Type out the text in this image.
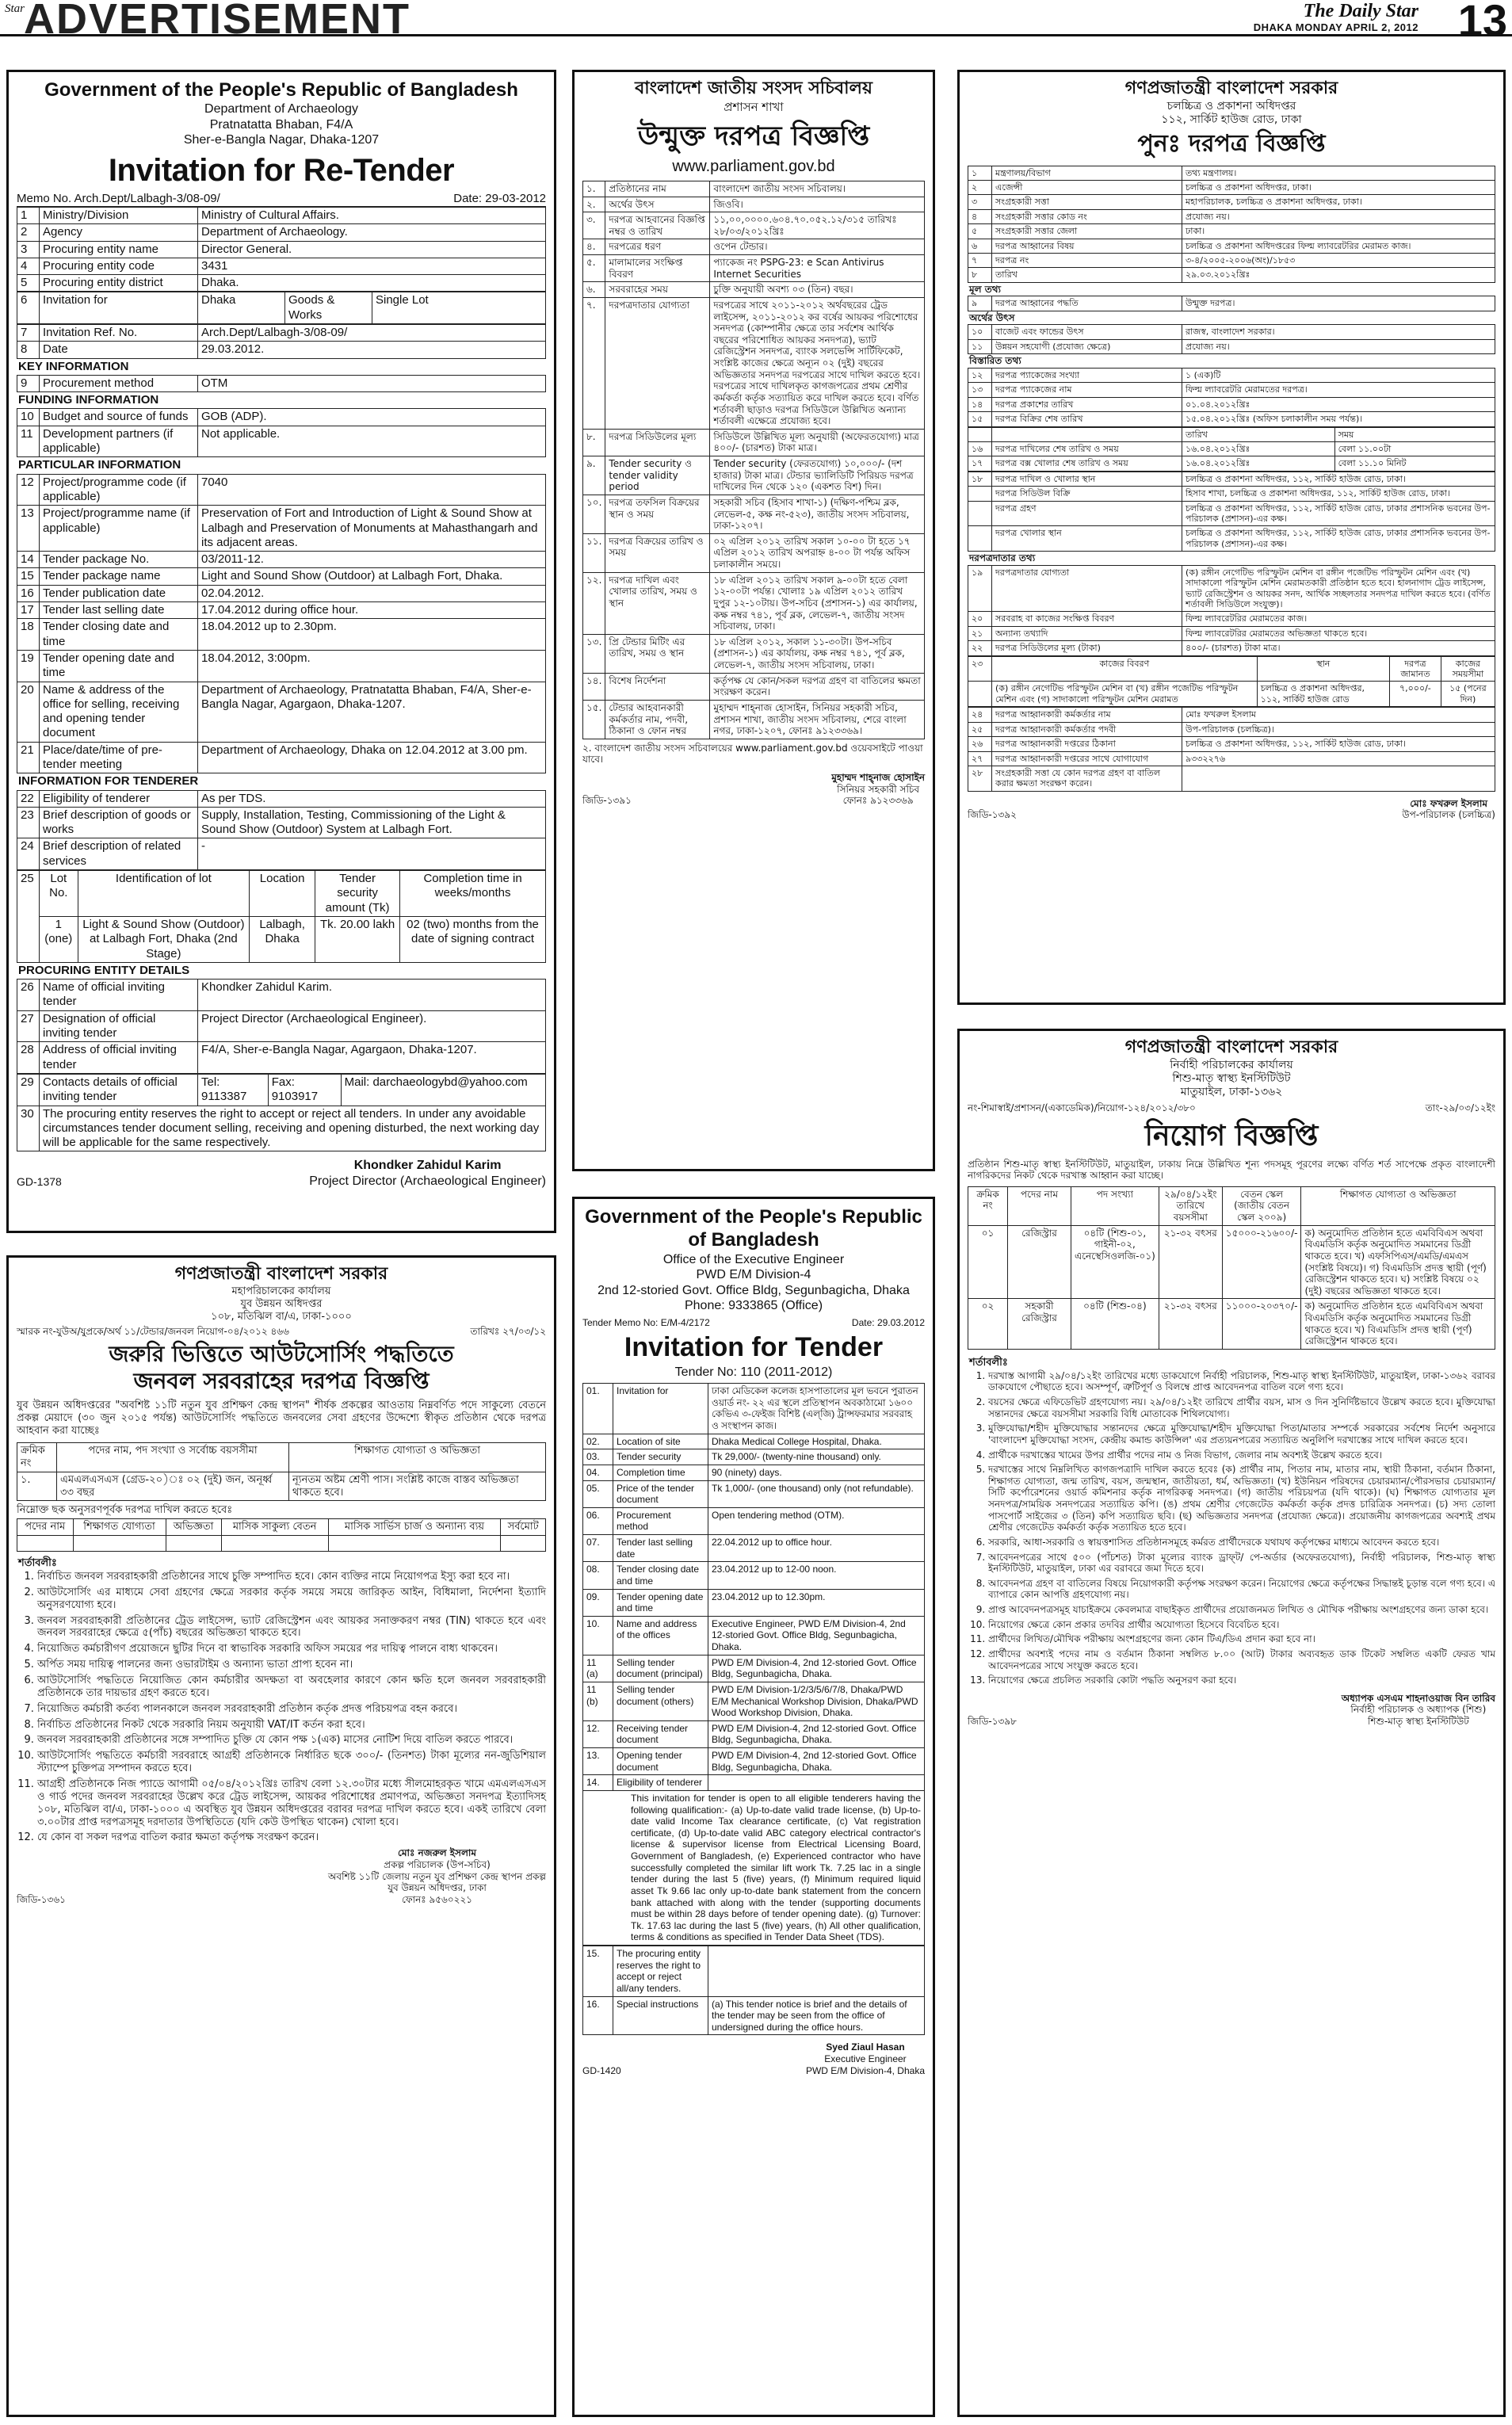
Star
ADVERTISEMENT	The Daily Star
DHAKA MONDAY APRIL 2, 2012 13
Government of the People's Republic of Bangladesh
Department of Archaeology
Pratnatatta Bhaban, F4/A
Sher-e-Bangla Nagar, Dhaka-1207
Invitation for Re-Tender
Memo No. Arch.Dept/Lalbagh-3/08-09/	Date: 29-03-2012
1	Ministry/Division	Ministry of Cultural Affairs.
2	Agency	Department of Archaeology.
3	Procuring entity name	Director General.
4	Procuring entity code	3431
5	Procuring entity district	Dhaka.
6	Invitation for	Dhaka	Goods & Works	Single Lot
7	Invitation Ref. No.	Arch.Dept/Lalbagh-3/08-09/
8	Date	29.03.2012.
KEY INFORMATION
9	Procurement method	OTM
FUNDING INFORMATION
10	Budget and source of funds	GOB (ADP).
11	Development partners (if applicable)	Not applicable.
PARTICULAR INFORMATION
12	Project/programme code (if applicable)	7040
13	Project/programme name (if applicable)	Preservation of Fort and Introduction of Light & Sound Show at Lalbagh and Preservation of Monuments at Mahasthangarh and its adjacent areas.
14	Tender package No.	03/2011-12.
15	Tender package name	Light and Sound Show (Outdoor) at Lalbagh Fort, Dhaka.
16	Tender publication date	02.04.2012.
17	Tender last selling date	17.04.2012 during office hour.
18	Tender closing date and time	18.04.2012 up to 2.30pm.
19	Tender opening date and time	18.04.2012, 3:00pm.
20	Name & address of the office for selling, receiving and opening tender document	Department of Archaeology, Pratnatatta Bhaban, F4/A, Sher-e-Bangla Nagar, Agargaon, Dhaka-1207.
21	Place/date/time of pre-tender meeting	Department of Archaeology, Dhaka on 12.04.2012 at 3.00 pm.
INFORMATION FOR TENDERER
22	Eligibility of tenderer	As per TDS.
23	Brief description of goods or works	Supply, Installation, Testing, Commissioning of the Light & Sound Show (Outdoor) System at Lalbagh Fort.
24	Brief description of related services	-
25	Lot No.	Identification of lot	Location	Tender security amount (Tk)	Completion time in weeks/months
	1 (one)	Light & Sound Show (Outdoor) at Lalbagh Fort, Dhaka (2nd Stage)	Lalbagh, Dhaka	Tk. 20.00 lakh	02 (two) months from the date of signing contract
PROCURING ENTITY DETAILS
26	Name of official inviting tender	Khondker Zahidul Karim.
27	Designation of official inviting tender	Project Director (Archaeological Engineer).
28	Address of official inviting tender	F4/A, Sher-e-Bangla Nagar, Agargaon, Dhaka-1207.
29	Contacts details of official inviting tender	Tel: 9113387	Fax: 9103917	Mail: darchaeologybd@yahoo.com
30	The procuring entity reserves the right to accept or reject all tenders. In under any avoidable circumstances tender document selling, receiving and opening disturbed, the next working day will be applicable for the same respectively.			
GD-1378
Khondker Zahidul Karim
Project Director (Archaeological Engineer)
বাংলাদেশ জাতীয় সংসদ সচিবালয়
প্রশাসন শাখা
উন্মুক্ত দরপত্র বিজ্ঞপ্তি
www.parliament.gov.bd
১.	প্রতিষ্ঠানের নাম	বাংলাদেশ জাতীয় সংসদ সচিবালয়।
২.	অর্থের উৎস	জিওবি।
৩.	দরপত্র আহবানের বিজ্ঞপ্তি নম্বর ও তারিখ	১১,০০,০০০০.৬০৪.৭০.০৫২.১২/৩১৫ তারিখঃ ২৮/০৩/২০১২খ্রিঃ
৪.	দরপত্রের ধরণ	ওপেন টেন্ডার।
৫.	মালামালের সংক্ষিপ্ত বিবরণ	প্যাকেজ নং PSPG-23: e Scan Antivirus Internet Securities
৬.	সরবরাহের সময়	চুক্তি অনুযায়ী অবশ্য ০৩ (তিন) বছর।
৭.	দরপত্রদাতার যোগ্যতা	দরপত্রের সাথে ২০১১-২০১২ অর্থবছরের ট্রেড লাইসেন্স, ২০১১-২০১২ কর বর্ষের আয়কর পরিশোধের সনদপত্র (কোম্পানীর ক্ষেত্রে তার সর্বশেষ আর্থিক বছরের পরিশোধিত আয়কর সনদপত্র), ভ্যাট রেজিস্ট্রেশন সনদপত্র, ব্যাংক সলভেন্সি সার্টিফিকেট, সংশ্লিষ্ট কাজের ক্ষেত্রে অন্যূন ০২ (দুই) বছরের অভিজ্ঞতার সনদপত্র দরপত্রের সাথে দাখিল করতে হবে। দরপত্রের সাথে দাখিলকৃত কাগজপত্রের প্রথম শ্রেণীর কর্মকর্তা কর্তৃক সত্যায়িত করে দাখিল করতে হবে। বর্ণিত শর্তাবলী ছাড়াও দরপত্র সিডিউলে উল্লিখিত অন্যান্য শর্তাবলী এক্ষেত্রে প্রযোজ্য হবে।
৮.	দরপত্র সিডিউলের মূল্য	সিডিউলে উল্লিখিত মূল্য অনুযায়ী (অফেরতযোগ্য) মাত্র ৪০০/- (চারশত) টাকা মাত্র।
৯.	Tender security ও tender validity period	Tender security (ফেরতযোগ্য) ১০,০০০/- (দশ হাজার) টাকা মাত্র। টেন্ডার ভ্যালিডিটি পিরিয়ড দরপত্র দাখিলের দিন থেকে ১২০ (একশত বিশ) দিন।
১০.	দরপত্র তফসিল বিক্রয়ের স্থান ও সময়	সহকারী সচিব (হিসাব শাখা-১) (দক্ষিণ-পশ্চিম ব্লক, লেভেল-৫, কক্ষ নং-৫২৩), জাতীয় সংসদ সচিবালয়, ঢাকা-১২০৭।
১১.	দরপত্র বিক্রয়ের তারিখ ও সময়	০২ এপ্রিল ২০১২ তারিখ সকাল ১০-০০ টা হতে ১৭ এপ্রিল ২০১২ তারিখ অপরাহ্ন ৪-০০ টা পর্যন্ত অফিস চলাকালীন সময়ে।
১২.	দরপত্র দাখিল এবং খোলার তারিখ, সময় ও স্থান	১৮ এপ্রিল ২০১২ তারিখ সকাল ৯-০০টা হতে বেলা ১২-০০টা পর্যন্ত। খোলাঃ ১৯ এপ্রিল ২০১২ তারিখ দুপুর ১২-১০টায়। উপ-সচিব (প্রশাসন-১) এর কার্যালয়, কক্ষ নম্বর ৭৪১, পূর্ব ব্লক, লেভেল-৭, জাতীয় সংসদ সচিবালয়, ঢাকা।
১৩.	প্রি টেন্ডার মিটিং এর তারিখ, সময় ও স্থান	১৮ এপ্রিল ২০১২, সকাল ১১-৩০টা। উপ-সচিব (প্রশাসন-১) এর কার্যালয়, কক্ষ নম্বর ৭৪১, পূর্ব ব্লক, লেভেল-৭, জাতীয় সংসদ সচিবালয়, ঢাকা।
১৪.	বিশেষ নির্দেশনা	কর্তৃপক্ষ যে কোন/সকল দরপত্র গ্রহণ বা বাতিলের ক্ষমতা সংরক্ষণ করেন।
১৫.	টেন্ডার আহবানকারী কর্মকর্তার নাম, পদবী, ঠিকানা ও ফোন নম্বর	মুহাম্মদ শাহ্‌নাজ হোসাইন, সিনিয়র সহকারী সচিব, প্রশাসন শাখা, জাতীয় সংসদ সচিবালয়, শেরে বাংলা নগর, ঢাকা-১২০৭, ফোনঃ ৯১২৩৩৬৯।
২. বাংলাদেশ জাতীয় সংসদ সচিবালয়ের www.parliament.gov.bd ওয়েবসাইটে পাওয়া যাবে।
জিডি-১৩৯১
মুহাম্মদ শাহ্‌নাজ হোসাইন
সিনিয়র সহকারী সচিব
ফোনঃ ৯১২৩৩৬৯
গণপ্রজাতন্ত্রী বাংলাদেশ সরকার
চলচ্চিত্র ও প্রকাশনা অধিদপ্তর
১১২, সার্কিট হাউজ রোড, ঢাকা
পুনঃ দরপত্র বিজ্ঞপ্তি
১	মন্ত্রণালয়/বিভাগ	তথ্য মন্ত্রণালয়।
২	এজেন্সী	চলচ্চিত্র ও প্রকাশনা অধিদপ্তর, ঢাকা।
৩	সংগ্রহকারী সত্তা	মহাপরিচালক, চলচ্চিত্র ও প্রকাশনা অধিদপ্তর, ঢাকা।
৪	সংগ্রহকারী সত্তার কোড নং	প্রযোজ্য নয়।
৫	সংগ্রহকারী সত্তার জেলা	ঢাকা।
৬	দরপত্র আহ্বানের বিষয়	চলচ্চিত্র ও প্রকাশনা অধিদপ্তরের ফিল্ম ল্যাবরেটরির মেরামত কাজ।
৭	দরপত্র নং	৩-৪/২০০৫-২০০৬(অং)/১৮৫৩
৮	তারিখ	২৯.০৩.২০১২খ্রিঃ
মূল তথ্য
৯	দরপত্র আহ্বানের পদ্ধতি	উন্মুক্ত দরপত্র।
অর্থের উৎস
১০	বাজেট এবং ফান্ডের উৎস	রাজস্ব, বাংলাদেশ সরকার।
১১	উন্নয়ন সহযোগী (প্রযোজ্য ক্ষেত্রে)	প্রযোজ্য নয়।
বিস্তারিত তথ্য
১২	দরপত্র প্যাকেজের সংখ্যা	১ (এক)টি
১৩	দরপত্র প্যাকেজের নাম	ফিল্ম ল্যাবরেটরি মেরামতের দরপত্র।
১৪	দরপত্র প্রকাশের তারিখ	০১.০৪.২০১২খ্রিঃ
১৫	দরপত্র বিক্রির শেষ তারিখ	১৫.০৪.২০১২খ্রিঃ (অফিস চলাকালীন সময় পর্যন্ত)।
		তারিখ	সময়
১৬	দরপত্র দাখিলের শেষ তারিখ ও সময়	১৬.০৪.২০১২খ্রিঃ	বেলা ১১.০০টা
১৭	দরপত্র বক্স খোলার শেষ তারিখ ও সময়	১৬.০৪.২০১২খ্রিঃ	বেলা ১১.১০ মিনিট
১৮	দরপত্র দাখিল ও খোলার স্থান	চলচ্চিত্র ও প্রকাশনা অধিদপ্তর, ১১২, সার্কিট হাউজ রোড, ঢাকা।
	দরপত্র সিডিউল বিক্রি	হিসাব শাখা, চলচ্চিত্র ও প্রকাশনা অধিদপ্তর, ১১২, সার্কিট হাউজ রোড, ঢাকা।
	দরপত্র গ্রহণ	চলচ্চিত্র ও প্রকাশনা অধিদপ্তর, ১১২, সার্কিট হাউজ রোড, ঢাকার প্রশাসনিক ভবনের উপ-পরিচালক (প্রশাসন)-এর কক্ষ।
	দরপত্র খোলার স্থান	চলচ্চিত্র ও প্রকাশনা অধিদপ্তর, ১১২, সার্কিট হাউজ রোড, ঢাকার প্রশাসনিক ভবনের উপ-পরিচালক (প্রশাসন)-এর কক্ষ।
দরপত্রদাতার তথ্য
১৯	দরপত্রদাতার যোগ্যতা	(ক) রঙ্গীন নেগেটিভ পরিস্ফুটন মেশিন বা রঙ্গীন পজেটিভ পরিস্ফুটন মেশিন এবং (খ) সাদাকালো পরিস্ফুটন মেশিন মেরামতকারী প্রতিষ্ঠান হতে হবে। হালনাগাদ ট্রেড লাইসেন্স, ভ্যাট রেজিস্ট্রেশন ও আয়কর সনদ, আর্থিক সচ্ছলতার সনদপত্র দাখিল করতে হবে। (বর্ণিত শর্তাবলী সিডিউলে সংযুক্ত)।
২০	সরবরাহ বা কাজের সংক্ষিপ্ত বিবরণ	ফিল্ম ল্যাবরেটরির মেরামতের কাজ।
২১	অন্যান্য তথ্যাদি	ফিল্ম ল্যাবরেটরির মেরামতের অভিজ্ঞতা থাকতে হবে।
২২	দরপত্র সিডিউলের মূল্য (টাকা)	৪০০/- (চারশত) টাকা মাত্র।
২৩	কাজের বিবরণ	স্থান	দরপত্র জামানত	কাজের সময়সীমা
	(ক) রঙ্গীন নেগেটিভ পরিস্ফুটন মেশিন বা (খ) রঙ্গীন পজেটিভ পরিস্ফুটন মেশিন এবং (গ) সাদাকালো পরিস্ফুটন মেশিন মেরামত	চলচ্চিত্র ও প্রকাশনা অধিদপ্তর, ১১২, সার্কিট হাউজ রোড	৭,০০০/-	১৫ (পনের দিন)
২৪	দরপত্র আহ্বানকারী কর্মকর্তার নাম	মোঃ ফখরুল ইসলাম
২৫	দরপত্র আহ্বানকারী কর্মকর্তার পদবী	উপ-পরিচালক (চলচ্চিত্র)।
২৬	দরপত্র আহ্বানকারী দপ্তরের ঠিকানা	চলচ্চিত্র ও প্রকাশনা অধিদপ্তর, ১১২, সার্কিট হাউজ রোড, ঢাকা।
২৭	দরপত্র আহ্বানকারী দপ্তরের সাথে যোগাযোগ	৯৩৩২২৭৬
২৮	সংগ্রহকারী সত্তা যে কোন দরপত্র গ্রহণ বা বাতিল করার ক্ষমতা সংরক্ষণ করেন।	
জিডি-১৩৯২
মোঃ ফখরুল ইসলাম
উপ-পরিচালক (চলচ্চিত্র)
গণপ্রজাতন্ত্রী বাংলাদেশ সরকার
নির্বাহী পরিচালকের কার্যালয়
শিশু-মাতৃ স্বাস্থ্য ইনস্টিটিউট
মাতুয়াইল, ঢাকা-১৩৬২
নং-শিমাস্বাই/প্রশাসন/(একাডেমিক)/নিয়োগ-১২৪/২০১২/৩৮০	তাং-২৯/০৩/১২ইং
নিয়োগ বিজ্ঞপ্তি
প্রতিষ্ঠান শিশু-মাতৃ স্বাস্থ্য ইনস্টিটিউট, মাতুয়াইল, ঢাকায় নিম্নে উল্লিখিত শূন্য পদসমূহ পূরণের লক্ষ্যে বর্ণিত শর্ত সাপেক্ষে প্রকৃত বাংলাদেশী নাগরিকদের নিকট থেকে দরখাস্ত আহ্বান করা যাচ্ছে।
ক্রমিক নং	পদের নাম	পদ সংখ্যা	২৯/০৪/১২ইং তারিখে বয়সসীমা	বেতন স্কেল (জাতীয় বেতন স্কেল ২০০৯)	শিক্ষাগত যোগ্যতা ও অভিজ্ঞতা
০১	রেজিস্ট্রার	০৪টি (শিশু-০১, গাইনী-০২, এনেস্থেসিওলজি-০১)	২১-৩২ বৎসর	১৫০০০-২১৬০০/-	ক) অনুমোদিত প্রতিষ্ঠান হতে এমবিবিএস অথবা বিএমডিসি কর্তৃক অনুমোদিত সমমানের ডিগ্রী থাকতে হবে। খ) এফসিপিএস/এমডি/এমএস (সংশ্লিষ্ট বিষয়ে)। গ) বিএমডিসি প্রদত্ত স্থায়ী (পূর্ণ) রেজিস্ট্রেশন থাকতে হবে। ঘ) সংশ্লিষ্ট বিষয়ে ০২ (দুই) বছরের অভিজ্ঞতা থাকতে হবে।
০২	সহকারী রেজিস্ট্রার	০৪টি (শিশু-০৪)	২১-৩২ বৎসর	১১০০০-২০৩৭০/-	ক) অনুমোদিত প্রতিষ্ঠান হতে এমবিবিএস অথবা বিএমডিসি কর্তৃক অনুমোদিত সমমানের ডিগ্রী থাকতে হবে। খ) বিএমডিসি প্রদত্ত স্থায়ী (পূর্ণ) রেজিস্ট্রেশন থাকতে হবে।
শর্তাবলীঃ
1. দরখাস্ত আগামী ২৯/০৪/১২ইং তারিখের মধ্যে ডাকযোগে নির্বাহী পরিচালক, শিশু-মাতৃ স্বাস্থ্য ইনস্টিটিউট, মাতুয়াইল, ঢাকা-১৩৬২ বরাবর ডাকযোগে পৌছাতে হবে। অসম্পূর্ণ, ত্রুটিপূর্ণ ও বিলম্বে প্রাপ্ত আবেদনপত্র বাতিল বলে গণ্য হবে।
2. বয়সের ক্ষেত্রে এফিডেভিট গ্রহণযোগ্য নয়। ২৯/০৪/১২ইং তারিখে প্রার্থীর বয়স, মাস ও দিন সুনির্দিষ্টভাবে উল্লেখ করতে হবে। মুক্তিযোদ্ধা সন্তানদের ক্ষেত্রে বয়সসীমা সরকারি বিধি মোতাবেক শিথিলযোগ্য।
3. মুক্তিযোদ্ধা/শহীদ মুক্তিযোদ্ধার সন্তানদের ক্ষেত্রে মুক্তিযোদ্ধা/শহীদ মুক্তিযোদ্ধা পিতা/মাতার সম্পর্কে সরকারের সর্বশেষ নির্দেশ অনুসারে 'বাংলাদেশ মুক্তিযোদ্ধা সংসদ, কেন্দ্রীয় কমান্ড কাউন্সিল' এর প্রত্যয়নপত্রের সত্যায়িত অনুলিপি দরখাস্তের সাথে দাখিল করতে হবে।
4. প্রার্থীকে দরখাস্তের খামের উপর প্রার্থীর পদের নাম ও নিজ বিভাগ, জেলার নাম অবশ্যই উল্লেখ করতে হবে।
5. দরখাস্তের সাথে নিম্নলিখিত কাগজপত্রাদি দাখিল করতে হবেঃ (ক) প্রার্থীর নাম, পিতার নাম, মাতার নাম, স্থায়ী ঠিকানা, বর্তমান ঠিকানা, শিক্ষাগত যোগ্যতা, জন্ম তারিখ, বয়স, জন্মস্থান, জাতীয়তা, ধর্ম, অভিজ্ঞতা। (খ) ইউনিয়ন পরিষদের চেয়ারম্যান/পৌরসভার চেয়ারম্যান/সিটি কর্পোরেশনের ওয়ার্ড কমিশনার কর্তৃক নাগরিকত্ব সনদপত্র। (গ) জাতীয় পরিচয়পত্র (যদি থাকে)। (ঘ) শিক্ষাগত যোগ্যতার মূল সনদপত্র/সাময়িক সনদপত্রের সত্যায়িত কপি। (ঙ) প্রথম শ্রেণীর গেজেটেড কর্মকর্তা কর্তৃক প্রদত্ত চারিত্রিক সনদপত্র। (চ) সদ্য তোলা পাসপোর্ট সাইজের ৩ (তিন) কপি সত্যায়িত ছবি। (ছ) অভিজ্ঞতার সনদপত্র (প্রযোজ্য ক্ষেত্রে)। প্রয়োজনীয় কাগজপত্রের অবশ্যই প্রথম শ্রেণীর গেজেটেড কর্মকর্তা কর্তৃক সত্যায়িত হতে হবে।
6. সরকারি, আধা-সরকারি ও স্বায়ত্তশাসিত প্রতিষ্ঠানসমূহে কর্মরত প্রার্থীদেরকে যথাযথ কর্তৃপক্ষের মাধ্যমে আবেদন করতে হবে।
7. আবেদনপত্রের সাথে ৫০০ (পাঁচশত) টাকা মূল্যের ব্যাংক ড্রাফ্‌ট/ পে-অর্ডার (অফেরতযোগ্য), নির্বাহী পরিচালক, শিশু-মাতৃ স্বাস্থ্য ইনস্টিটিউট, মাতুয়াইল, ঢাকা এর বরাবরে জমা দিতে হবে।
8. আবেদনপত্র গ্রহণ বা বাতিলের বিষয়ে নিয়োগকারী কর্তৃপক্ষ সংরক্ষণ করেন। নিয়োগের ক্ষেত্রে কর্তৃপক্ষের সিদ্ধান্তই চূড়ান্ত বলে গণ্য হবে। এ ব্যাপারে কোন আপত্তি গ্রহণযোগ্য নয়।
9. প্রাপ্ত আবেদনপত্রসমূহ যাচাইক্রমে কেবলমাত্র বাছাইকৃত প্রার্থীদের প্রয়োজনমত লিখিত ও মৌখিক পরীক্ষায় অংশগ্রহণের জন্য ডাকা হবে।
10. নিয়োগের ক্ষেত্রে কোন প্রকার তদবির প্রার্থীর অযোগ্যতা হিসেবে বিবেচিত হবে।
11. প্রার্থীদের লিখিত/মৌখিক পরীক্ষায় অংশগ্রহণের জন্য কোন টিএ/ডিএ প্রদান করা হবে না।
12. প্রার্থীদের অবশ্যই পদের নাম ও বর্তমান ঠিকানা সম্বলিত ৮.০০ (আট) টাকার অব্যবহৃত ডাক টিকেট সম্বলিত একটি ফেরত খাম আবেদনপত্রের সাথে সংযুক্ত করতে হবে।
13. নিয়োগের ক্ষেত্রে প্রচলিত সরকারি কোটা পদ্ধতি অনুসরণ করা হবে।
জিডি-১৩৯৮
অধ্যাপক এসএম শাহনাওয়াজ বিন তারিব
নির্বাহী পরিচালক ও অধ্যাপক (শিশু)
শিশু-মাতৃ স্বাস্থ্য ইনস্টিটিউট
গণপ্রজাতন্ত্রী বাংলাদেশ সরকার
মহাপরিচালকের কার্যালয়
যুব উন্নয়ন অধিদপ্তর
১০৮, মতিঝিল বা/এ, ঢাকা-১০০০
স্মারক নং-যুউঅ/যুপ্রকে/অর্থ ১১/টেন্ডার/জনবল নিয়োগ-০৪/২০১২ ৪৬৬	তারিখঃ ২৭/০৩/১২
জরুরি ভিত্তিতে আউটসোর্সিং পদ্ধতিতে
জনবল সরবরাহের দরপত্র বিজ্ঞপ্তি
যুব উন্নয়ন অধিদপ্তরের "অবশিষ্ট ১১টি নতুন যুব প্রশিক্ষণ কেন্দ্র স্থাপন" শীর্ষক প্রকল্পের আওতায় নিম্নবর্ণিত পদে সাকুল্যে বেতনে প্রকল্প মেয়াদে (৩০ জুন ২০১৫ পর্যন্ত) আউটসোর্সিং পদ্ধতিতে জনবলের সেবা গ্রহণের উদ্দেশ্যে স্বীকৃত প্রতিষ্ঠান থেকে দরপত্র আহবান করা যাচ্ছেঃ
ক্রমিক নং	পদের নাম, পদ সংখ্যা ও সর্বোচ্চ বয়সসীমা	শিক্ষাগত যোগ্যতা ও অভিজ্ঞতা
১.	এমএলএসএস (গ্রেড-২০)ঃ ০২ (দুই) জন, অনূর্ধ্ব ৩৩ বছর	ন্যূনতম অষ্টম শ্রেণী পাস। সংশ্লিষ্ট কাজে বাস্তব অভিজ্ঞতা থাকতে হবে।
নিম্নোক্ত ছক অনুসরণপূর্বক দরপত্র দাখিল করতে হবেঃ
পদের নাম	শিক্ষাগত যোগ্যতা	অভিজ্ঞতা	মাসিক সাকুল্য বেতন	মাসিক সার্ভিস চার্জ ও অন্যান্য ব্যয়	সর্বমোট

শর্তাবলীঃ
1. নির্বাচিত জনবল সরবরাহকারী প্রতিষ্ঠানের সাথে চুক্তি সম্পাদিত হবে। কোন ব্যক্তির নামে নিয়োগপত্র ইস্যু করা হবে না।
2. আউটসোর্সিং এর মাধ্যমে সেবা গ্রহণের ক্ষেত্রে সরকার কর্তৃক সময়ে সময়ে জারিকৃত আইন, বিধিমালা, নির্দেশনা ইত্যাদি অনুসরণযোগ্য হবে।
3. জনবল সরবরাহকারী প্রতিষ্ঠানের ট্রেড লাইসেন্স, ভ্যাট রেজিস্ট্রেশন এবং আয়কর সনাক্তকরণ নম্বর (TIN) থাকতে হবে এবং জনবল সরবরাহের ক্ষেত্রে ৫(পাঁচ) বছরের অভিজ্ঞতা থাকতে হবে।
4. নিয়োজিত কর্মচারীগণ প্রয়োজনে ছুটির দিনে বা স্বাভাবিক সরকারি অফিস সময়ের পর দায়িত্ব পালনে বাধ্য থাকবেন।
5. অর্পিত সময় দায়িত্ব পালনের জন্য ওভারটাইম ও অন্যান্য ভাতা প্রাপ্য হবেন না।
6. আউটসোর্সিং পদ্ধতিতে নিয়োজিত কোন কর্মচারীর অদক্ষতা বা অবহেলার কারণে কোন ক্ষতি হলে জনবল সরবরাহকারী প্রতিষ্ঠানকে তার দায়ভার গ্রহণ করতে হবে।
7. নিয়োজিত কর্মচারী কর্তব্য পালনকালে জনবল সরবরাহকারী প্রতিষ্ঠান কর্তৃক প্রদত্ত পরিচয়পত্র বহন করবে।
8. নির্বাচিত প্রতিষ্ঠানের নিকট থেকে সরকারি নিয়ম অনুযায়ী VAT/IT কর্তন করা হবে।
9. জনবল সরবরাহকারী প্রতিষ্ঠানের সঙ্গে সম্পাদিত চুক্তি যে কোন পক্ষ ১(এক) মাসের নোটিশ দিয়ে বাতিল করতে পারবে।
10. আউটসোর্সিং পদ্ধতিতে কর্মচারী সরবরাহে আগ্রহী প্রতিষ্ঠানকে নির্ধারিত ছকে ৩০০/- (তিনশত) টাকা মূল্যের নন-জুডিশিয়াল স্ট্যাম্পে চুক্তিপত্র সম্পাদন করতে হবে।
11. আগ্রহী প্রতিষ্ঠানকে নিজ প্যাডে আগামী ০৫/০৪/২০১২খ্রিঃ তারিখ বেলা ১২.৩০টার মধ্যে সীলমোহরকৃত খামে এমএলএসএস ও গার্ড পদের জনবল সরবরাহের উল্লেখ করে ট্রেড লাইসেন্স, আয়কর পরিশোধের প্রমাণপত্র, অভিজ্ঞতা সনদপত্র ইত্যাদিসহ ১০৮, মতিঝিল বা/এ, ঢাকা-১০০০ এ অবস্থিত যুব উন্নয়ন অধিদপ্তরের বরাবর দরপত্র দাখিল করতে হবে। একই তারিখে বেলা ৩.০০টার প্রাপ্ত দরপত্রসমূহ দরদাতার উপস্থিতিতে (যদি কেউ উপস্থিত থাকেন) খোলা হবে।
12. যে কোন বা সকল দরপত্র বাতিল করার ক্ষমতা কর্তৃপক্ষ সংরক্ষণ করেন।
জিডি-১৩৬১
মোঃ নজরুল ইসলাম
প্রকল্প পরিচালক (উপ-সচিব)
অবশিষ্ট ১১টি জেলায় নতুন যুব প্রশিক্ষণ কেন্দ্র স্থাপন প্রকল্প
যুব উন্নয়ন অধিদপ্তর, ঢাকা
ফোনঃ ৯৫৬০২২১
Government of the People's Republic of Bangladesh
Office of the Executive Engineer
PWD E/M Division-4
2nd 12-storied Govt. Office Bldg, Segunbagicha, Dhaka
Phone: 9333865 (Office)
Tender Memo No: E/M-4/2172	Date: 29.03.2012
Invitation for Tender
Tender No: 110 (2011-2012)
01.	Invitation for	ঢাকা মেডিকেল কলেজ হাসপাতালের মূল ভবনে পুরাতন ওয়ার্ড নং- ২২ এর স্থলে প্রতিস্থাপন অবকাঠামো ১৬০০ কেভিএ ৩-ফেইজ বিশিষ্ট (এল্‌জি) ট্রান্সফরমার সরবরাহ ও সংস্থাপন কাজ।
02.	Location of site	Dhaka Medical College Hospital, Dhaka.
03.	Tender security	Tk 29,000/- (twenty-nine thousand) only.
04.	Completion time	90 (ninety) days.
05.	Price of the tender document	Tk 1,000/- (one thousand) only (not refundable).
06.	Procurement method	Open tendering method (OTM).
07.	Tender last selling date	22.04.2012 up to office hour.
08.	Tender closing date and time	23.04.2012 up to 12-00 noon.
09.	Tender opening date and time	23.04.2012 up to 12.30pm.
10.	Name and address of the offices	Executive Engineer, PWD E/M Division-4, 2nd 12-storied Govt. Office Bldg, Segunbagicha, Dhaka.
11 (a)	Selling tender document (principal)	PWD E/M Division-4, 2nd 12-storied Govt. Office Bldg, Segunbagicha, Dhaka.
11 (b)	Selling tender document (others)	PWD E/M Division-1/2/3/5/6/7/8, Dhaka/PWD E/M Mechanical Workshop Division, Dhaka/PWD Wood Workshop Division, Dhaka.
12.	Receiving tender document	PWD E/M Division-4, 2nd 12-storied Govt. Office Bldg, Segunbagicha, Dhaka.
13.	Opening tender document	PWD E/M Division-4, 2nd 12-storied Govt. Office Bldg, Segunbagicha, Dhaka.
14.	Eligibility of tenderer	
This invitation for tender is open to all eligible tenderers having the following qualification:- (a) Up-to-date valid trade license, (b) Up-to-date valid Income Tax clearance certificate, (c) Vat registration certificate, (d) Up-to-date valid ABC category electrical contractor's license & supervisor license from Electrical Licensing Board, Government of Bangladesh, (e) Experienced contractor who have successfully completed the similar lift work Tk. 7.25 lac in a single tender during the last 5 (five) years, (f) Minimum required liquid asset Tk 9.66 lac only up-to-date bank statement from the concern bank attached with along with the tender (supporting documents must be within 28 days before of tender opening date). (g) Turnover: Tk. 17.63 lac during the last 5 (five) years, (h) All other qualification, terms & conditions as specified in Tender Data Sheet (TDS).
15.	The procuring entity reserves the right to accept or reject all/any tenders.	
16.	Special instructions	(a) This tender notice is brief and the details of the tender may be seen from the office of undersigned during the office hours.
GD-1420
Syed Ziaul Hasan
Executive Engineer
PWD E/M Division-4, Dhaka
